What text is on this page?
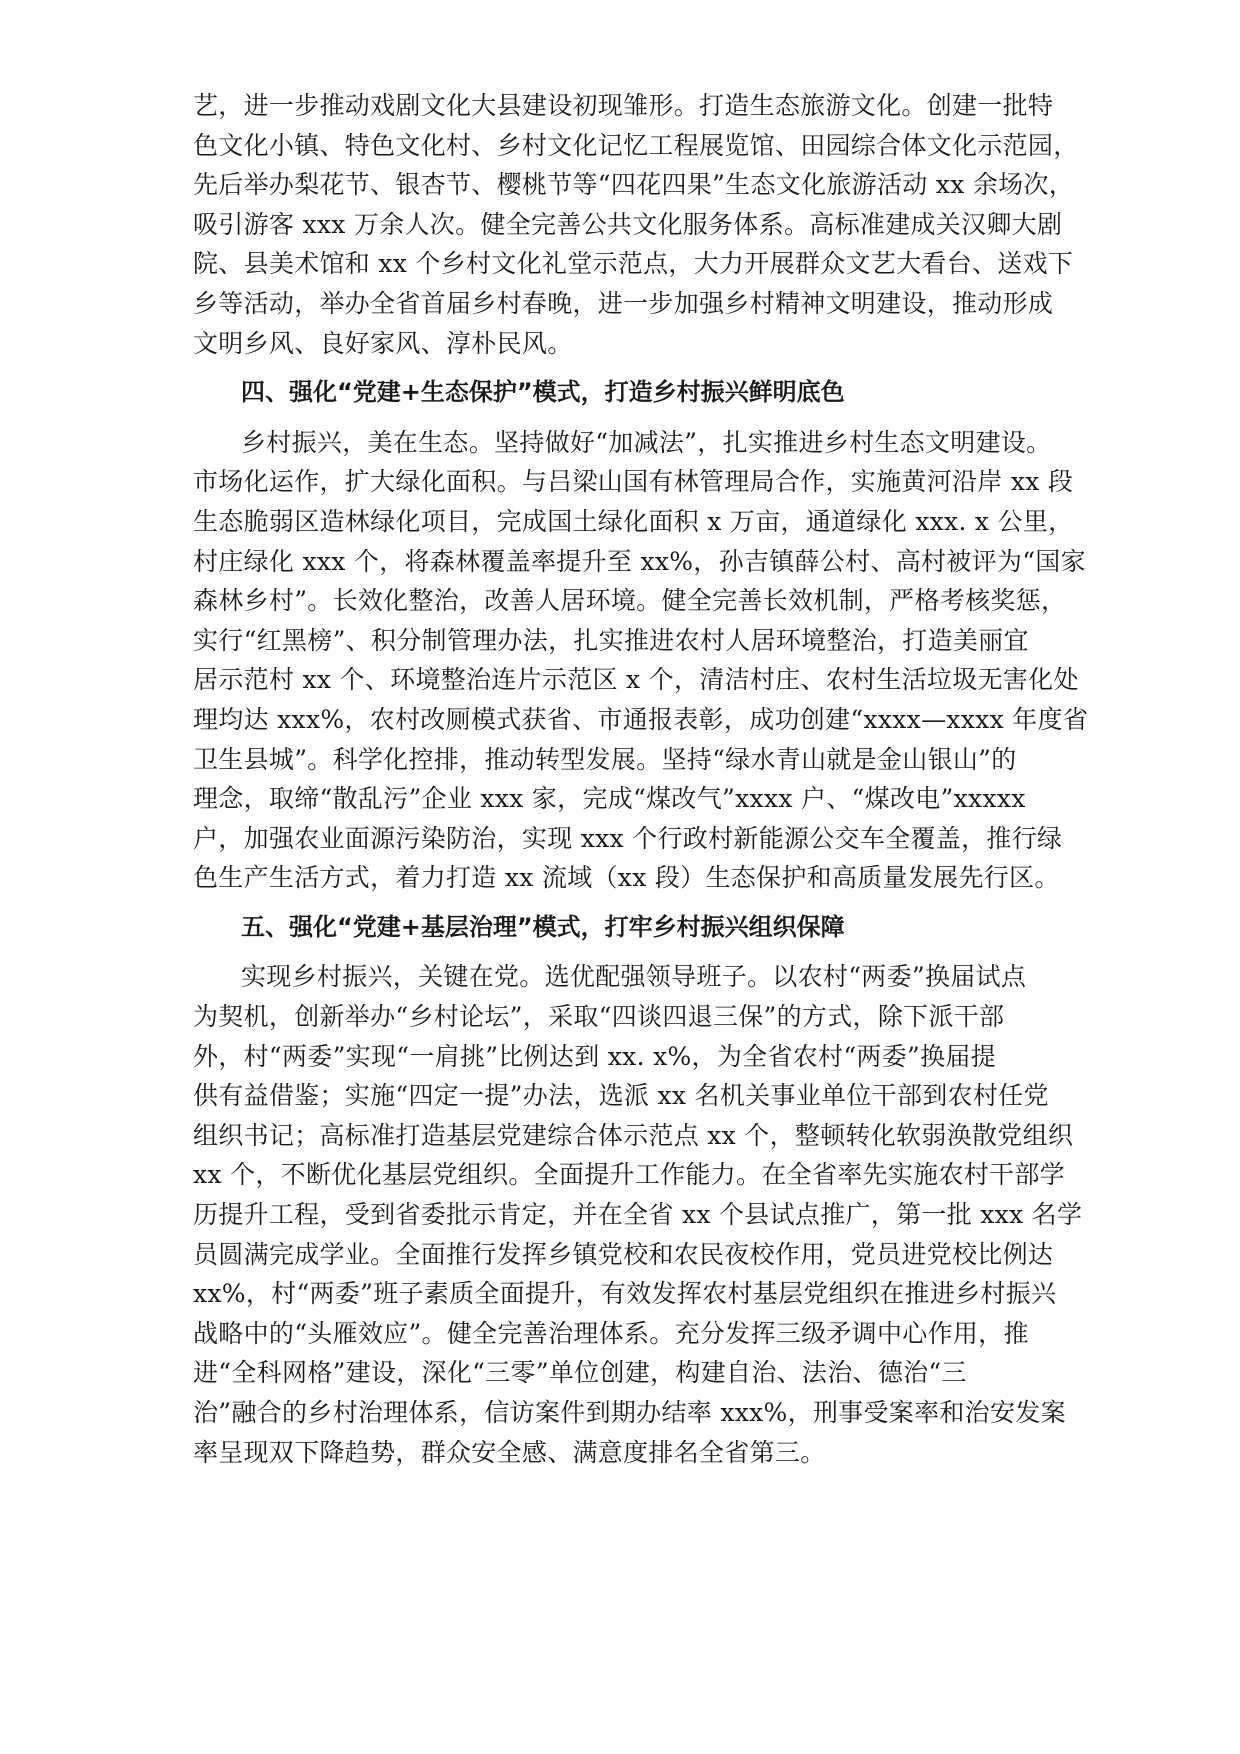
艺，进一步推动戏剧文化大县建设初现雏形。打造生态旅游文化。创建一批特
色文化小镇、特色文化村、乡村文化记忆工程展览馆、田园综合体文化示范园，
先后举办梨花节、银杏节、樱桃节等“四花四果”生态文化旅游活动 xx 余场次，
吸引游客 xxx 万余人次。健全完善公共文化服务体系。高标准建成关汉卿大剧
院、县美术馆和 xx 个乡村文化礼堂示范点，大力开展群众文艺大看台、送戏下
乡等活动，举办全省首届乡村春晚，进一步加强乡村精神文明建设，推动形成
文明乡风、良好家风、淳朴民风。
四、强化“党建+生态保护”模式，打造乡村振兴鲜明底色
乡村振兴，美在生态。坚持做好“加减法”，扎实推进乡村生态文明建设。
市场化运作，扩大绿化面积。与吕梁山国有林管理局合作，实施黄河沿岸 xx 段
生态脆弱区造林绿化项目，完成国土绿化面积 x 万亩，通道绿化 xxx. x 公里，
村庄绿化 xxx 个，将森林覆盖率提升至 xx%，孙吉镇薛公村、高村被评为“国家
森林乡村”。长效化整治，改善人居环境。健全完善长效机制，严格考核奖惩，
实行“红黑榜”、积分制管理办法，扎实推进农村人居环境整治，打造美丽宜
居示范村 xx 个、环境整治连片示范区 x 个，清洁村庄、农村生活垃圾无害化处
理均达 xxx%，农村改厕模式获省、市通报表彰，成功创建“xxxx—xxxx 年度省
卫生县城”。科学化控排，推动转型发展。坚持“绿水青山就是金山银山”的
理念，取缔“散乱污”企业 xxx 家，完成“煤改气”xxxx 户、“煤改电”xxxxx
户，加强农业面源污染防治，实现 xxx 个行政村新能源公交车全覆盖，推行绿
色生产生活方式，着力打造 xx 流域（xx 段）生态保护和高质量发展先行区。
五、强化“党建+基层治理”模式，打牢乡村振兴组织保障
实现乡村振兴，关键在党。选优配强领导班子。以农村“两委”换届试点
为契机，创新举办“乡村论坛”，采取“四谈四退三保”的方式，除下派干部
外，村“两委”实现“一肩挑”比例达到 xx. x%，为全省农村“两委”换届提
供有益借鉴；实施“四定一提”办法，选派 xx 名机关事业单位干部到农村任党
组织书记；高标准打造基层党建综合体示范点 xx 个，整顿转化软弱涣散党组织
xx 个，不断优化基层党组织。全面提升工作能力。在全省率先实施农村干部学
历提升工程，受到省委批示肯定，并在全省 xx 个县试点推广，第一批 xxx 名学
员圆满完成学业。全面推行发挥乡镇党校和农民夜校作用，党员进党校比例达
xx%，村“两委”班子素质全面提升，有效发挥农村基层党组织在推进乡村振兴
战略中的“头雁效应”。健全完善治理体系。充分发挥三级矛调中心作用，推
进“全科网格”建设，深化“三零”单位创建，构建自治、法治、德治“三
治”融合的乡村治理体系，信访案件到期办结率 xxx%，刑事受案率和治安发案
率呈现双下降趋势，群众安全感、满意度排名全省第三。
